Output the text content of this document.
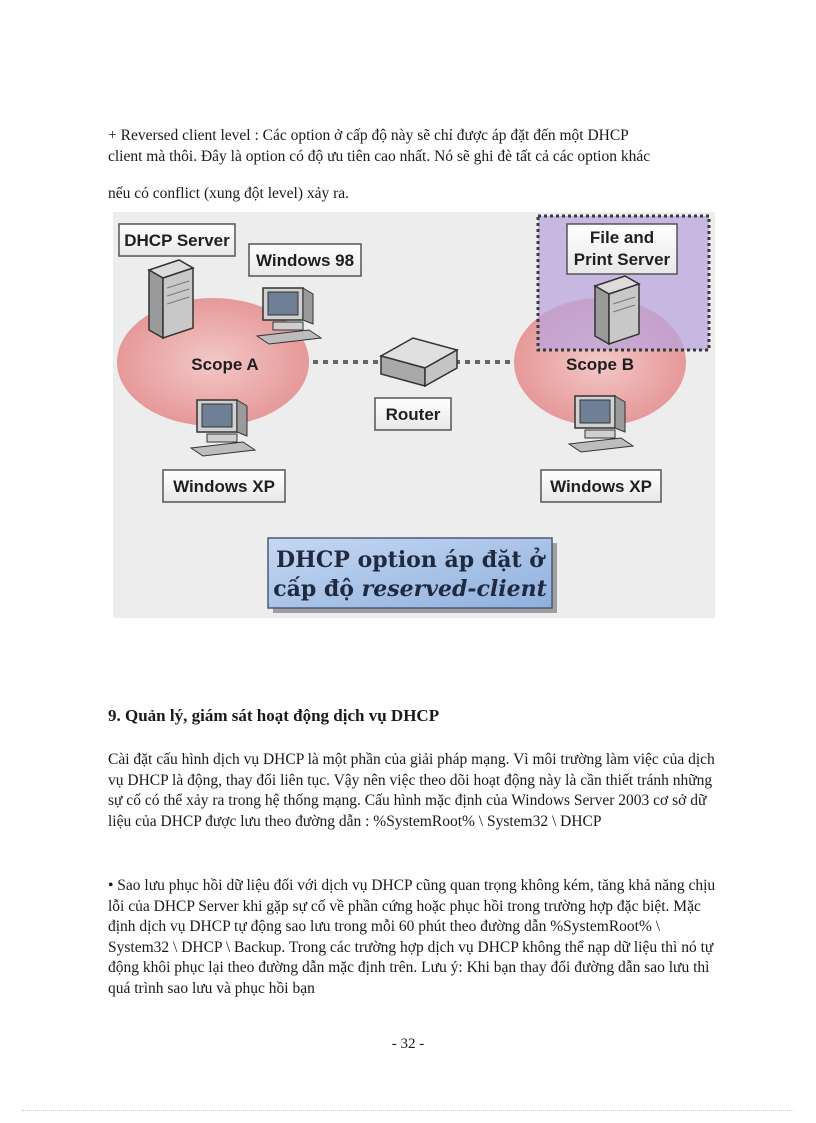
+ Reversed client level : Các option ở cấp độ này sẽ chỉ được áp đặt đến một DHCP
client mà thôi. Đây là option có độ ưu tiên cao nhất. Nó sẽ ghi đè tất cả các option khác
nếu có conflict (xung đột level) xảy ra.
DHCP Server
Windows 98
Scope A
Windows XP
Router
File and
Print Server
Scope B
Windows XP
DHCP option áp đặt ở
cấp độ reserved-client
9. Quản lý, giám sát hoạt động dịch vụ DHCP
Cài đặt cấu hình dịch vụ DHCP là một phần của giải pháp mạng. Vì môi trường làm việc của dịch vụ DHCP là động, thay đổi liên tục. Vậy nên việc theo dõi hoạt động này là cần thiết tránh những sự cố có thể xảy ra trong hệ thống mạng. Cấu hình mặc định của Windows Server 2003 cơ sở dữ liệu của DHCP được lưu theo đường dẫn : %SystemRoot% \ System32 \ DHCP
• Sao lưu phục hồi dữ liệu đối với dịch vụ DHCP cũng quan trọng không kém, tăng khả năng chịu lỗi của DHCP Server khi gặp sự cố về phần cứng hoặc phục hồi trong trường hợp đặc biệt. Mặc định dịch vụ DHCP tự động sao lưu trong mỗi 60 phút theo đường dẫn %SystemRoot% \ System32 \ DHCP \ Backup. Trong các trường hợp dịch vụ DHCP không thể nạp dữ liệu thì nó tự động khôi phục lại theo đường dẫn mặc định trên. Lưu ý: Khi bạn thay đổi đường dẫn sao lưu thì quá trình sao lưu và phục hồi bạn
- 32 -
